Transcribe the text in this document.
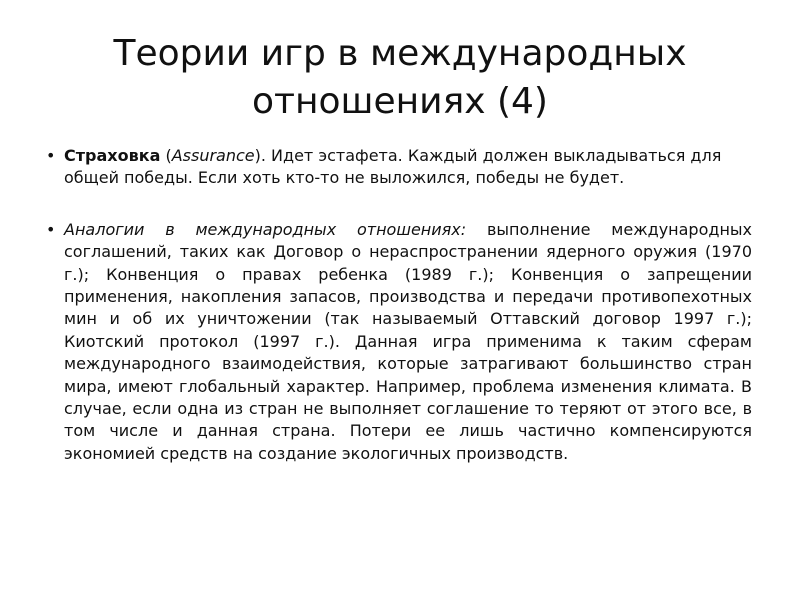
Теории игр в международных
отношениях (4)
• Страховка (Assurance). Идет эстафета. Каждый должен выкладываться для общей победы. Если хоть кто-то не выложился, победы не будет.
• Аналогии в международных отношениях: выполнение международных соглашений, таких как Договор о нераспространении ядерного оружия (1970 г.); Конвенция о правах ребенка (1989 г.); Конвенция о запрещении применения, накопления запасов, производства и передачи противопехотных мин и об их уничтожении (так называемый Оттавский договор 1997 г.); Киотский протокол (1997 г.). Данная игра применима к таким сферам международного взаимодействия, которые затрагивают большинство стран мира, имеют глобальный характер. Например, проблема изменения климата. В случае, если одна из стран не выполняет соглашение то теряют от этого все, в том числе и данная страна. Потери ее лишь частично компенсируются экономией средств на создание экологичных производств.
